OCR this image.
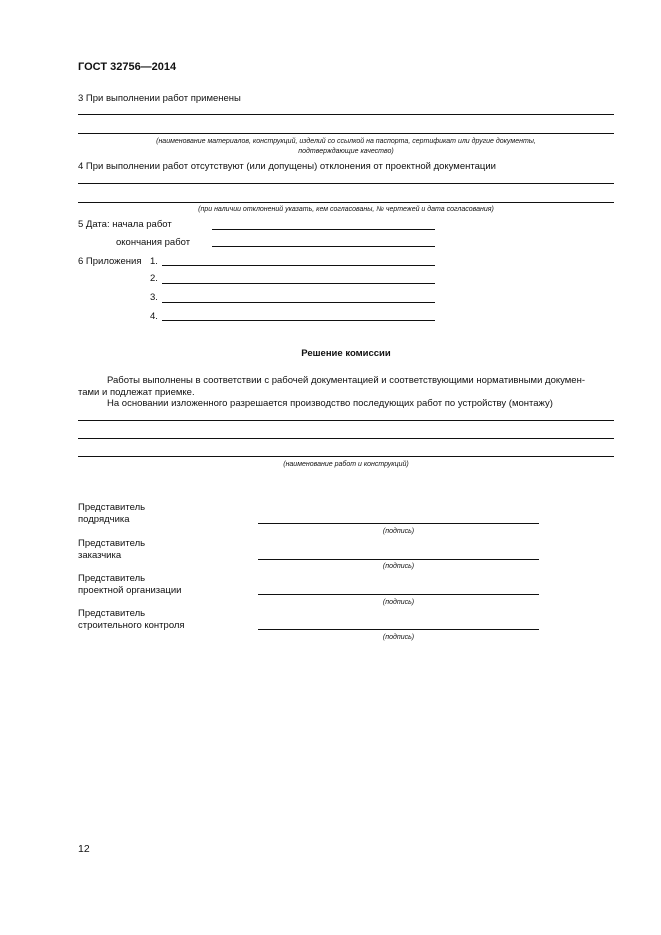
ГОСТ 32756—2014
3 При выполнении работ применены
(наименование материалов, конструкций, изделий со ссылкой на паспорта, сертификат или другие документы,
подтверждающие качество)
4 При выполнении работ отсутствуют (или допущены) отклонения от проектной документации
(при наличии отклонений указать, кем согласованы, № чертежей и дата согласования)
5 Дата: начала работ
окончания работ
6 Приложения 1.
2.
3.
4.
Решение комиссии
Работы выполнены в соответствии с рабочей документацией и соответствующими нормативными докумен-
тами и подлежат приемке.
На основании изложенного разрешается производство последующих работ по устройству (монтажу)
(наименование работ и конструкций)
Представитель
подрядчика
(подпись)
Представитель
заказчика
(подпись)
Представитель
проектной организации
(подпись)
Представитель
строительного контроля
(подпись)
12
